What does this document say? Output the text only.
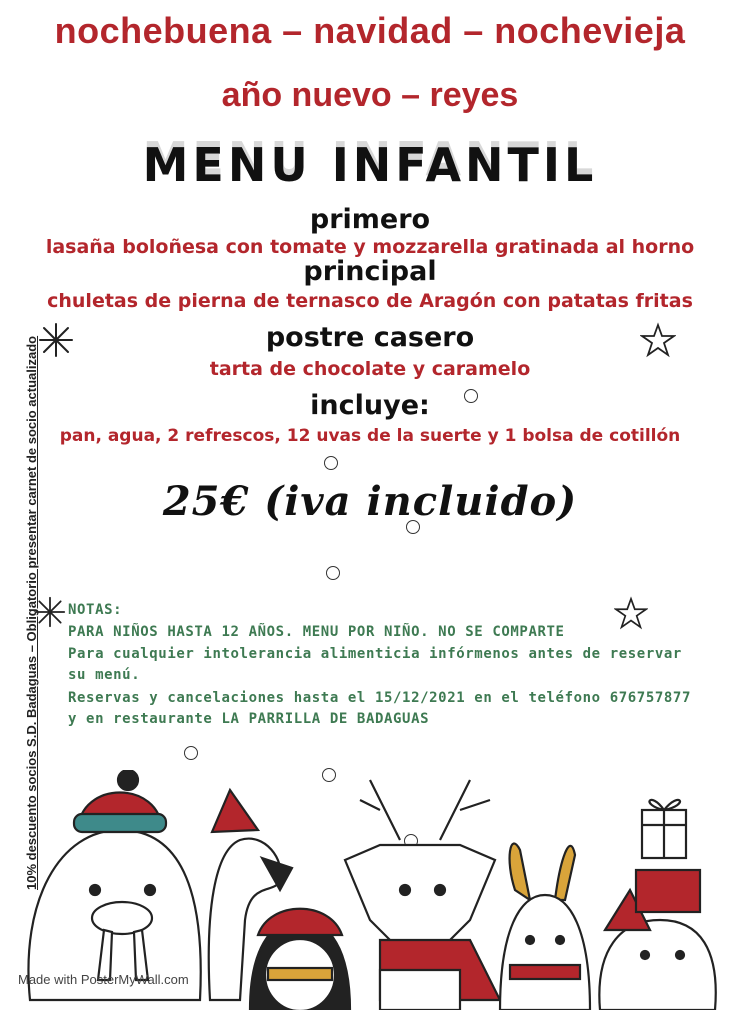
nochebuena – navidad – nochevieja
año nuevo – reyes
MENU INFANTIL
primero
lasaña boloñesa con tomate y mozzarella gratinada al horno
principal
chuletas de pierna de ternasco de Aragón con patatas fritas
postre casero
tarta de chocolate y caramelo
incluye:
pan, agua, 2 refrescos, 12 uvas de la suerte y 1 bolsa de cotillón
25€ (iva incluido)
NOTAS:
PARA NIÑOS HASTA 12 AÑOS. MENU POR NIÑO. NO SE COMPARTE
Para cualquier intolerancia alimenticia infórmenos antes de reservar su menú.
Reservas y cancelaciones hasta el 15/12/2021 en el teléfono 676757877 y en restaurante LA PARRILLA DE BADAGUAS
10% descuento socios S.D. Badaguas – Obligatorio presentar carnet de socio actualizado
Made with PosterMyWall.com
